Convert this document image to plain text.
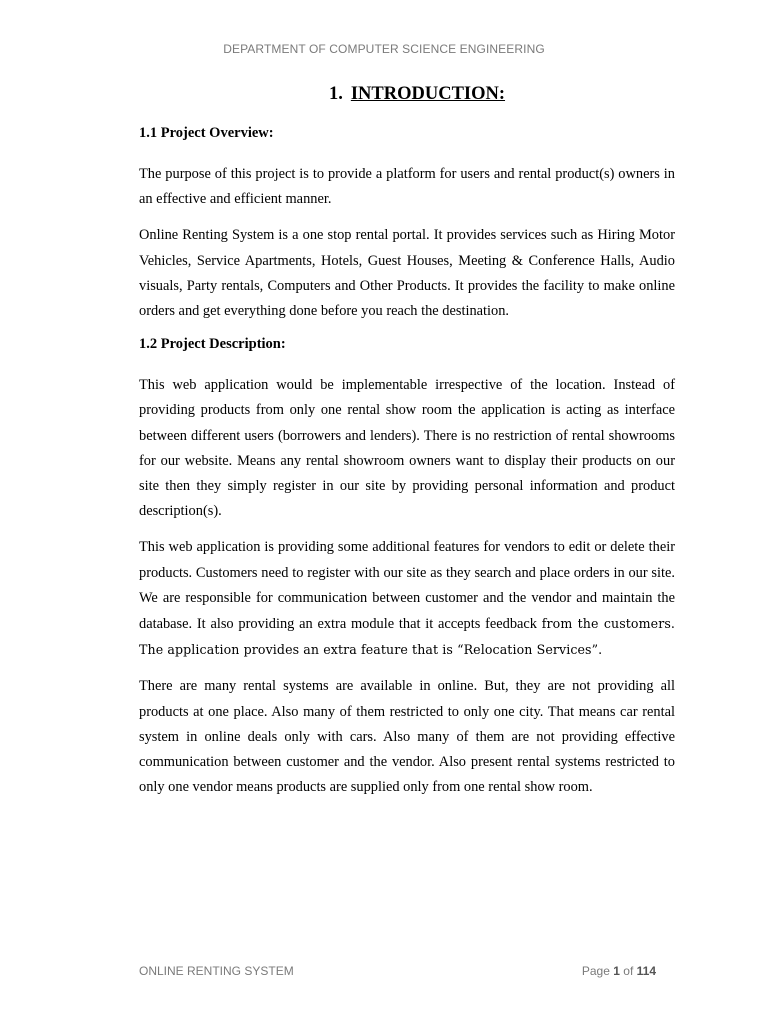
DEPARTMENT OF COMPUTER SCIENCE ENGINEERING
1. INTRODUCTION:
1.1 Project Overview:

The purpose of this project is to provide a platform for users and rental product(s) owners in an effective and efficient manner.

Online Renting System is a one stop rental portal. It provides services such as Hiring Motor Vehicles, Service Apartments, Hotels, Guest Houses, Meeting & Conference Halls, Audio visuals, Party rentals, Computers and Other Products. It provides the facility to make online orders and get everything done before you reach the destination.

1.2 Project Description:

This web application would be implementable irrespective of the location. Instead of providing products from only one rental show room the application is acting as interface between different users (borrowers and lenders). There is no restriction of rental showrooms for our website. Means any rental showroom owners want to display their products on our site then they simply register in our site by providing personal information and product description(s).

This web application is providing some additional features for vendors to edit or delete their products. Customers need to register with our site as they search and place orders in our site. We are responsible for communication between customer and the vendor and maintain the database. It also providing an extra module that it accepts feedback from the customers. The application provides an extra feature that is “Relocation Services”.

There are many rental systems are available in online. But, they are not providing all products at one place. Also many of them restricted to only one city. That means car rental system in online deals only with cars. Also many of them are not providing effective communication between customer and the vendor. Also present rental systems restricted to only one vendor means products are supplied only from one rental show room.

ONLINE RENTING SYSTEM	Page 1 of 114
